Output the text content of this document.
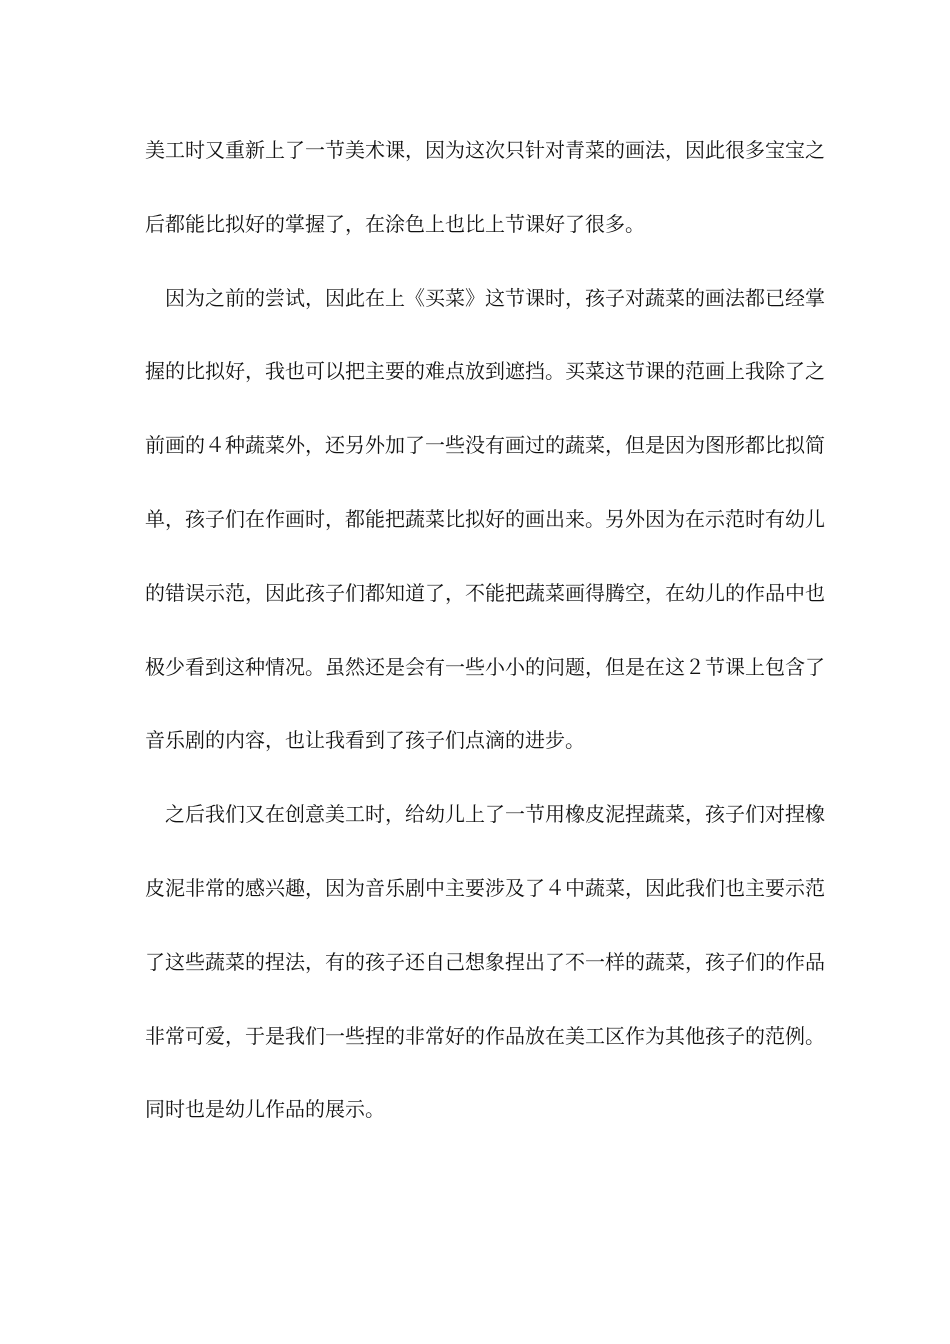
美工时又重新上了一节美术课，因为这次只针对青菜的画法，因此很多宝宝之
后都能比拟好的掌握了，在涂色上也比上节课好了很多。
因为之前的尝试，因此在上《买菜》这节课时，孩子对蔬菜的画法都已经掌
握的比拟好，我也可以把主要的难点放到遮挡。买菜这节课的范画上我除了之
前画的４种蔬菜外，还另外加了一些没有画过的蔬菜，但是因为图形都比拟简
单，孩子们在作画时，都能把蔬菜比拟好的画出来。另外因为在示范时有幼儿
的错误示范，因此孩子们都知道了，不能把蔬菜画得腾空，在幼儿的作品中也
极少看到这种情况。虽然还是会有一些小小的问题，但是在这２节课上包含了
音乐剧的内容，也让我看到了孩子们点滴的进步。
之后我们又在创意美工时，给幼儿上了一节用橡皮泥捏蔬菜，孩子们对捏橡
皮泥非常的感兴趣，因为音乐剧中主要涉及了４中蔬菜，因此我们也主要示范
了这些蔬菜的捏法，有的孩子还自己想象捏出了不一样的蔬菜，孩子们的作品
非常可爱，于是我们一些捏的非常好的作品放在美工区作为其他孩子的范例。
同时也是幼儿作品的展示。
